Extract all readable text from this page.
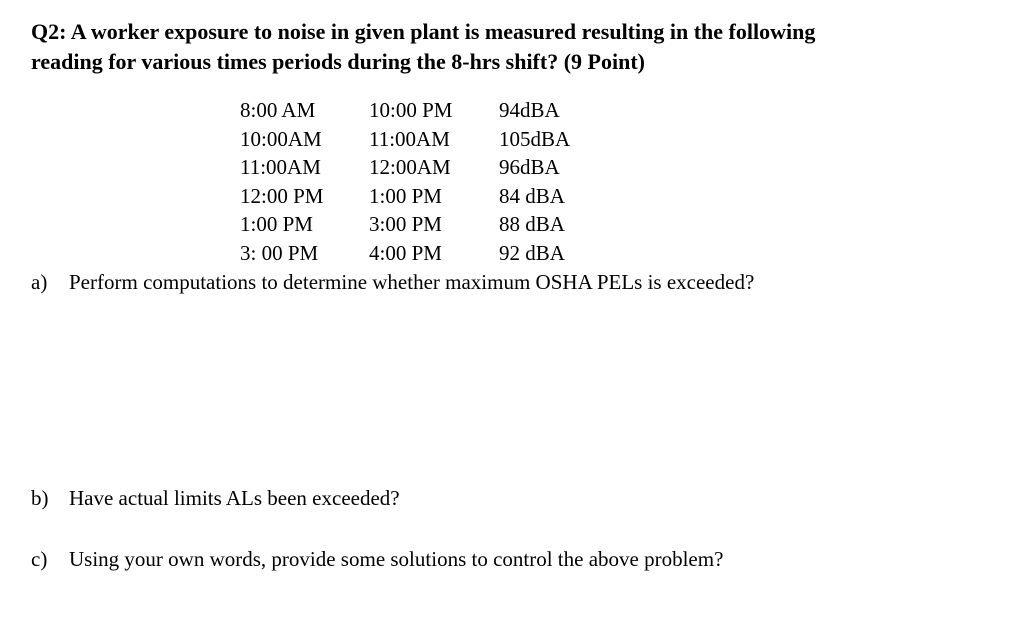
Q2: A worker exposure to noise in given plant is measured resulting in the following
reading for various times periods during the 8-hrs shift? (9 Point)
8:00 AM	10:00 PM 94dBA
10:00AM 11:00AM 105dBA
11:00AM 12:00AM 96dBA
12:00 PM 1:00 PM	84 dBA
1:00 PM	3:00 PM	88 dBA
3: 00 PM 4:00 PM	92 dBA
a) Perform computations to determine whether maximum OSHA PELs is exceeded?
b) Have actual limits ALs been exceeded?
c) Using your own words, provide some solutions to control the above problem?
